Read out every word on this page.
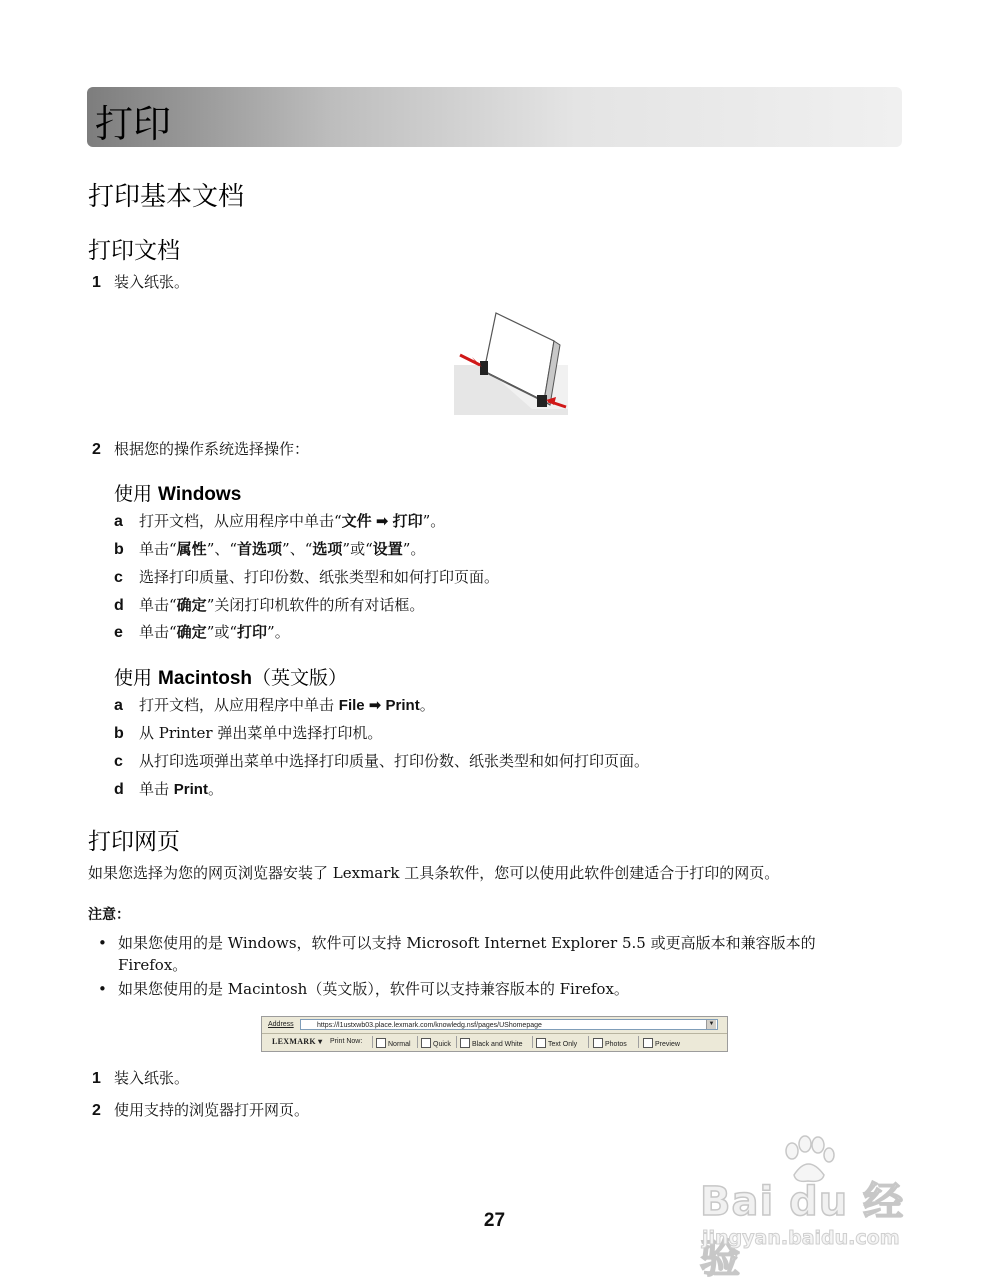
打印
打印基本文档
打印文档
1 装入纸张。
2 根据您的操作系统选择操作：
使用 Windows
a	打开文档，从应用程序中单击“文件 ➡ 打印”。
b	单击“属性”、“首选项”、“选项”或“设置”。
c	选择打印质量、打印份数、纸张类型和如何打印页面。
d	单击“确定”关闭打印机软件的所有对话框。
e	单击“确定”或“打印”。
使用 Macintosh（英文版）
a	打开文档，从应用程序中单击 File ➡ Print。
b	从 Printer 弹出菜单中选择打印机。
c	从打印选项弹出菜单中选择打印质量、打印份数、纸张类型和如何打印页面。
d	单击 Print。
打印网页
如果您选择为您的网页浏览器安装了 Lexmark 工具条软件，您可以使用此软件创建适合于打印的网页。
注意：
• 如果您使用的是 Windows，软件可以支持 Microsoft Internet Explorer 5.5 或更高版本和兼容版本的
Firefox。
• 如果您使用的是 Macintosh（英文版），软件可以支持兼容版本的 Firefox。
Address	https://l1ustxwb03.place.lexmark.com/knowledg.nsf/pages/UShomepage	▼
LEXMARK ▾ Print Now:	Normal	Quick	Black and White	Text Only	Photos	Preview
1 装入纸张。
2 使用支持的浏览器打开网页。
Bai du 经验
jingyan.baidu.com
27
